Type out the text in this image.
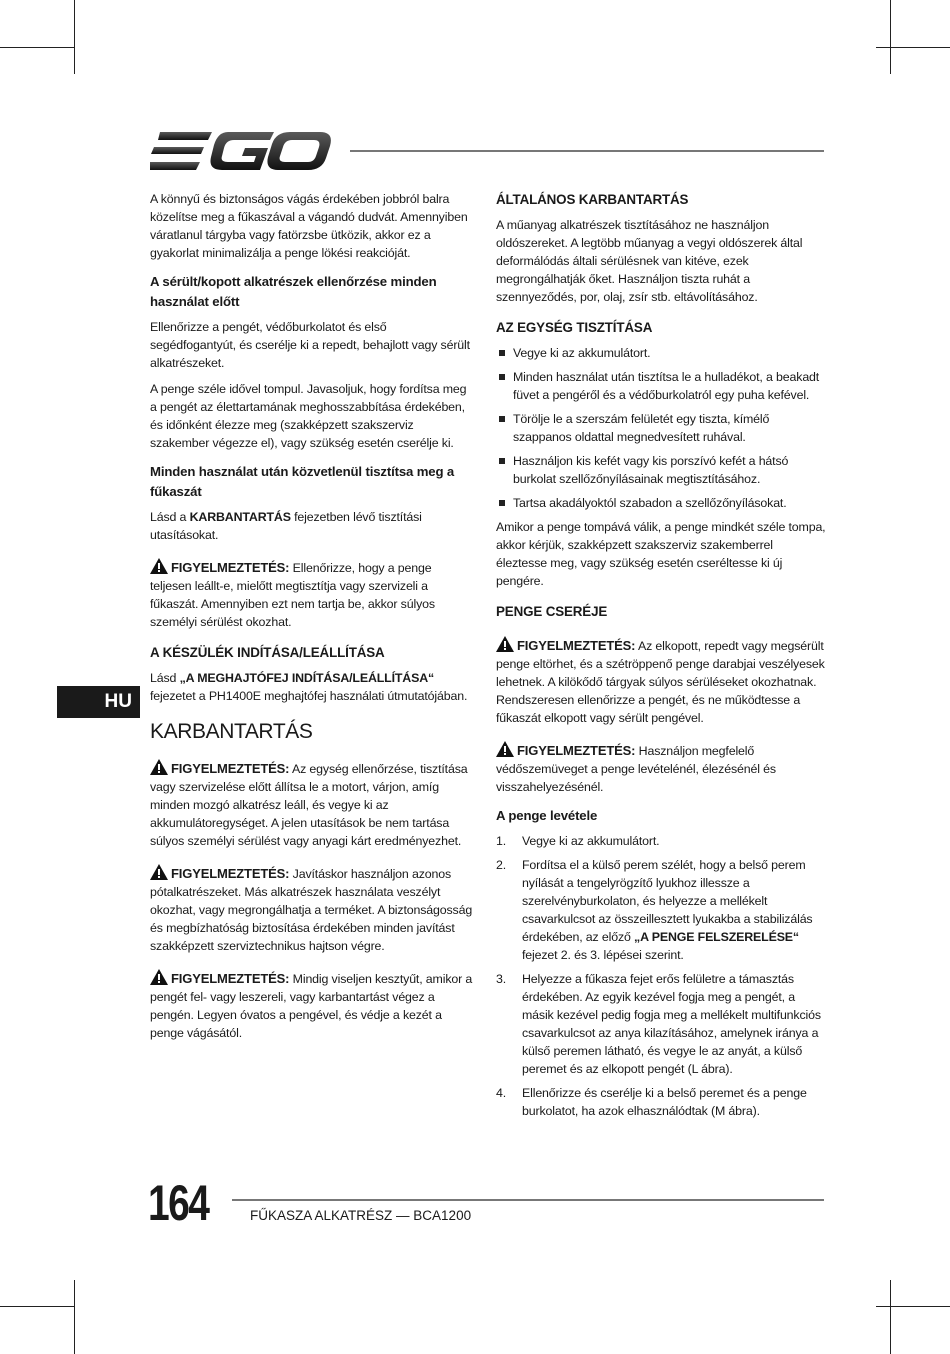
A könnyű és biztonságos vágás érdekében jobbról balra közelítse meg a fűkaszával a vágandó dudvát. Amennyiben váratlanul tárgyba vagy fatörzsbe ütközik, akkor ez a gyakorlat minimalizálja a penge lökési reakcióját.

A sérült/kopott alkatrészek ellenőrzése minden használat előtt

Ellenőrizze a pengét, védőburkolatot és első segédfogantyút, és cserélje ki a repedt, behajlott vagy sérült alkatrészeket.

A penge széle idővel tompul. Javasoljuk, hogy fordítsa meg a pengét az élettartamának meghosszabbítása érdekében, és időnként élezze meg (szakképzett szakszerviz szakember végezze el), vagy szükség esetén cserélje ki.

Minden használat után közvetlenül tisztítsa meg a fűkaszát

Lásd a KARBANTARTÁS fejezetben lévő tisztítási utasításokat.

FIGYELMEZTETÉS: Ellenőrizze, hogy a penge teljesen leállt-e, mielőtt megtisztítja vagy szervizeli a fűkaszát. Amennyiben ezt nem tartja be, akkor súlyos személyi sérülést okozhat.

A KÉSZÜLÉK INDÍTÁSA/LEÁLLÍTÁSA

Lásd „A MEGHAJTÓFEJ INDÍTÁSA/LEÁLLÍTÁSA“ fejezetet a PH1400E meghajtófej használati útmutatójában.

KARBANTARTÁS

FIGYELMEZTETÉS: Az egység ellenőrzése, tisztítása vagy szervizelése előtt állítsa le a motort, várjon, amíg minden mozgó alkatrész leáll, és vegye ki az akkumulátoregységet. A jelen utasítások be nem tartása súlyos személyi sérülést vagy anyagi kárt eredményezhet.

FIGYELMEZTETÉS: Javításkor használjon azonos pótalkatrészeket. Más alkatrészek használata veszélyt okozhat, vagy megrongálhatja a terméket. A biztonságosság és megbízhatóság biztosítása érdekében minden javítást szakképzett szerviztechnikus hajtson végre.

FIGYELMEZTETÉS: Mindig viseljen kesztyűt, amikor a pengét fel- vagy leszereli, vagy karbantartást végez a pengén. Legyen óvatos a pengével, és védje a kezét a penge vágásától.

ÁLTALÁNOS KARBANTARTÁS

A műanyag alkatrészek tisztításához ne használjon oldószereket. A legtöbb műanyag a vegyi oldószerek által deformálódás általi sérülésnek van kitéve, ezek megrongálhatják őket. Használjon tiszta ruhát a szennyeződés, por, olaj, zsír stb. eltávolításához.

AZ EGYSÉG TISZTÍTÁSA
Vegye ki az akkumulátort.
Minden használat után tisztítsa le a hulladékot, a beakadt füvet a pengéről és a védőburkolatról egy puha kefével.
Törölje le a szerszám felületét egy tiszta, kímélő szappanos oldattal megnedvesített ruhával.
Használjon kis kefét vagy kis porszívó kefét a hátsó burkolat szellőzőnyílásainak megtisztításához.
Tartsa akadályoktól szabadon a szellőzőnyílásokat.

Amikor a penge tompává válik, a penge mindkét széle tompa, akkor kérjük, szakképzett szakszerviz szakemberrel éleztesse meg, vagy szükség esetén cseréltesse ki új pengére.

PENGE CSERÉJE

FIGYELMEZTETÉS: Az elkopott, repedt vagy megsérült penge eltörhet, és a szétröppenő penge darabjai veszélyesek lehetnek. A kilökődő tárgyak súlyos sérüléseket okozhatnak. Rendszeresen ellenőrizze a pengét, és ne működtesse a fűkaszát elkopott vagy sérült pengével.

FIGYELMEZTETÉS: Használjon megfelelő védőszemüveget a penge levételénél, élezésénél és visszahelyezésénél.

A penge levétele
1. Vegye ki az akkumulátort.
2. Fordítsa el a külső perem szélét, hogy a belső perem nyílását a tengelyrögzítő lyukhoz illessze a szerelvényburkolaton, és helyezze a mellékelt csavarkulcsot az összeillesztett lyukakba a stabilizálás érdekében, az előző „A PENGE FELSZERELÉSE“ fejezet 2. és 3. lépései szerint.
3. Helyezze a fűkasza fejet erős felületre a támasztás érdekében. Az egyik kezével fogja meg a pengét, a másik kezével pedig fogja meg a mellékelt multifunkciós csavarkulcsot az anya kilazításához, amelynek iránya a külső peremen látható, és vegye le az anyát, a külső peremet és az elkopott pengét (L ábra).
4. Ellenőrizze és cserélje ki a belső peremet és a penge burkolatot, ha azok elhasználódtak (M ábra).
HU
164	FŰKASZA ALKATRÉSZ — BCA1200
